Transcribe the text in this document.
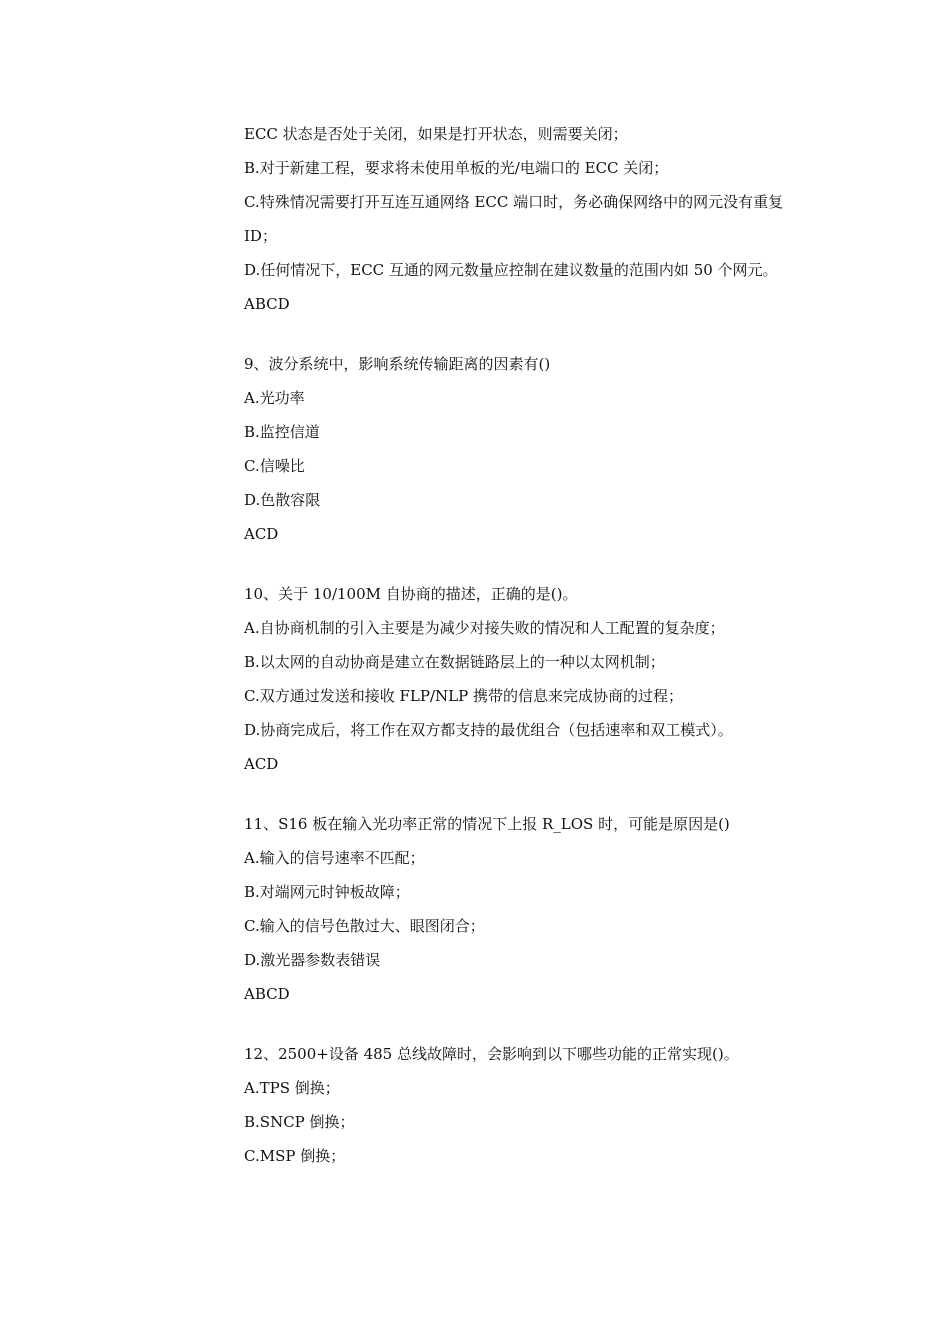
ECC 状态是否处于关闭，如果是打开状态，则需要关闭；
B.对于新建工程，要求将未使用单板的光/电端口的 ECC 关闭；
C.特殊情况需要打开互连互通网络 ECC 端口时，务必确保网络中的网元没有重复
ID；
D.任何情况下，ECC 互通的网元数量应控制在建议数量的范围内如 50 个网元。
ABCD
9、波分系统中，影响系统传输距离的因素有()
A.光功率
B.监控信道
C.信噪比
D.色散容限
ACD
10、关于 10/100M 自协商的描述，正确的是()。
A.自协商机制的引入主要是为减少对接失败的情况和人工配置的复杂度；
B.以太网的自动协商是建立在数据链路层上的一种以太网机制；
C.双方通过发送和接收 FLP/NLP 携带的信息来完成协商的过程；
D.协商完成后，将工作在双方都支持的最优组合（包括速率和双工模式）。
ACD
11、S16 板在输入光功率正常的情况下上报 R_LOS 时，可能是原因是()
A.输入的信号速率不匹配；
B.对端网元时钟板故障；
C.输入的信号色散过大、眼图闭合；
D.激光器参数表错误
ABCD
12、2500+设备 485 总线故障时，会影响到以下哪些功能的正常实现()。
A.TPS 倒换；
B.SNCP 倒换；
C.MSP 倒换；
